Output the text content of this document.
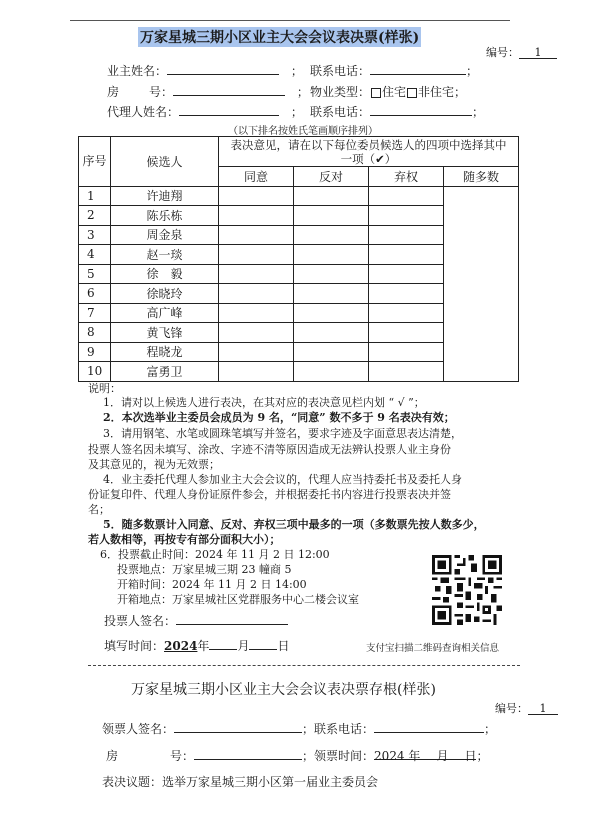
万家星城三期小区业主大会会议表决票(样张)
编号： 1
业主姓名：	； 联系电话：	；
房	号：	； 物业类型： 住宅 非住宅；
代理人姓名：	； 联系电话：	；
（以下排名按姓氏笔画顺序排列）
序号	候选人	表决意见，请在以下每位委员候选人的四项中选择其中一项（✔）			
		同意	反对	弃权	随多数
1	许迪翔				
2	陈乐栋				
3	周金泉				
4	赵一琰				
5	徐　毅				
6	徐晓玲				
7	高广峰				
8	黄飞锋				
9	程晓龙				
10	富勇卫				
说明：
1．请对以上候选人进行表决，在其对应的表决意见栏内划 “ √ ”；
2．本次选举业主委员会成员为 9 名，“同意” 数不多于 9 名表决有效；
3．请用钢笔、水笔或圆珠笔填写并签名，要求字迹及字面意思表达清楚，
投票人签名因未填写、涂改、字迹不清等原因造成无法辨认投票人业主身份
及其意见的，视为无效票；
4．业主委托代理人参加业主大会会议的，代理人应当持委托书及委托人身
份证复印件、代理人身份证原件参会，并根据委托书内容进行投票表决并签
名；
5．随多数票计入同意、反对、弃权三项中最多的一项（多数票先按人数多少，
若人数相等，再按专有部分面积大小）；
6．投票截止时间：2024 年 11 月 2 日 12:00
投票地点：万家星城三期 23 幢商 5
开箱时间：2024 年 11 月 2 日 14:00
开箱地点：万家星城社区党群服务中心二楼会议室
投票人签名：
填写时间：2024年 月 日	支付宝扫描二维码查询相关信息
万家星城三期小区业主大会会议表决票存根(样张)
编号： 1
领票人签名：	；联系电话：	；
房	号：	；领票时间：2024 年 月 日；
表决议题：选举万家星城三期小区第一届业主委员会
